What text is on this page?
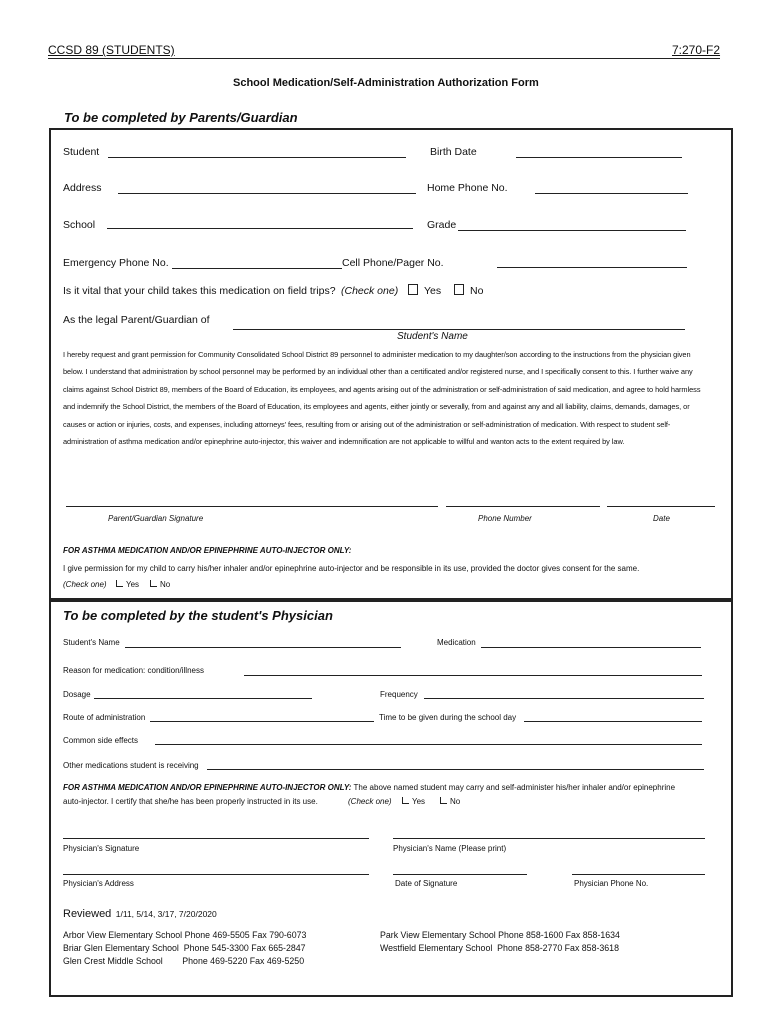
CCSD 89 (STUDENTS)	7:270-F2
School Medication/Self-Administration Authorization Form
To be completed by Parents/Guardian
Student	Birth Date
Address	Home Phone No.
School	Grade
Emergency Phone No.	Cell Phone/Pager No.
Is it vital that your child takes this medication on field trips? (Check one)	Yes	No
As the legal Parent/Guardian of
Student's Name
I hereby request and grant permission for Community Consolidated School District 89 personnel to administer medication to my daughter/son according to the instructions from the physician given below. I understand that administration by school personnel may be performed by an individual other than a certificated and/or registered nurse, and I specifically consent to this. I further waive any claims against School District 89, members of the Board of Education, its employees, and agents arising out of the administration or self-administration of said medication, and agree to hold harmless and indemnify the School District, the members of the Board of Education, its employees and agents, either jointly or severally, from and against any and all liability, claims, demands, damages, or causes or action or injuries, costs, and expenses, including attorneys' fees, resulting from or arising out of the administration or self-administration of medication. With respect to student self-administration of asthma medication and/or epinephrine auto-injector, this waiver and indemnification are not applicable to willful and wanton acts to the extent required by law.
Parent/Guardian Signature	Phone Number	Date
FOR ASTHMA MEDICATION AND/OR EPINEPHRINE AUTO-INJECTOR ONLY:
I give permission for my child to carry his/her inhaler and/or epinephrine auto-injector and be responsible in its use, provided the doctor gives consent for the same.
(Check one)	Yes	No
To be completed by the student's Physician
Student's Name	Medication
Reason for medication: condition/illness
Dosage	Frequency
Route of administration	Time to be given during the school day
Common side effects
Other medications student is receiving
FOR ASTHMA MEDICATION AND/OR EPINEPHRINE AUTO-INJECTOR ONLY: The above named student may carry and self-administer his/her inhaler and/or epinephrine
auto-injector. I certify that she/he has been properly instructed in its use.	(Check one)	Yes	No
Physician's Signature	Physician's Name (Please print)
Physician's Address	Date of Signature	Physician Phone No.
Reviewed 1/11, 5/14, 3/17, 7/20/2020
Arbor View Elementary School Phone 469-5505 Fax 790-6073
Briar Glen Elementary School  Phone 545-3300 Fax 665-2847
Glen Crest Middle School        Phone 469-5220 Fax 469-5250
Park View Elementary School Phone 858-1600 Fax 858-1634
Westfield Elementary School  Phone 858-2770 Fax 858-3618
